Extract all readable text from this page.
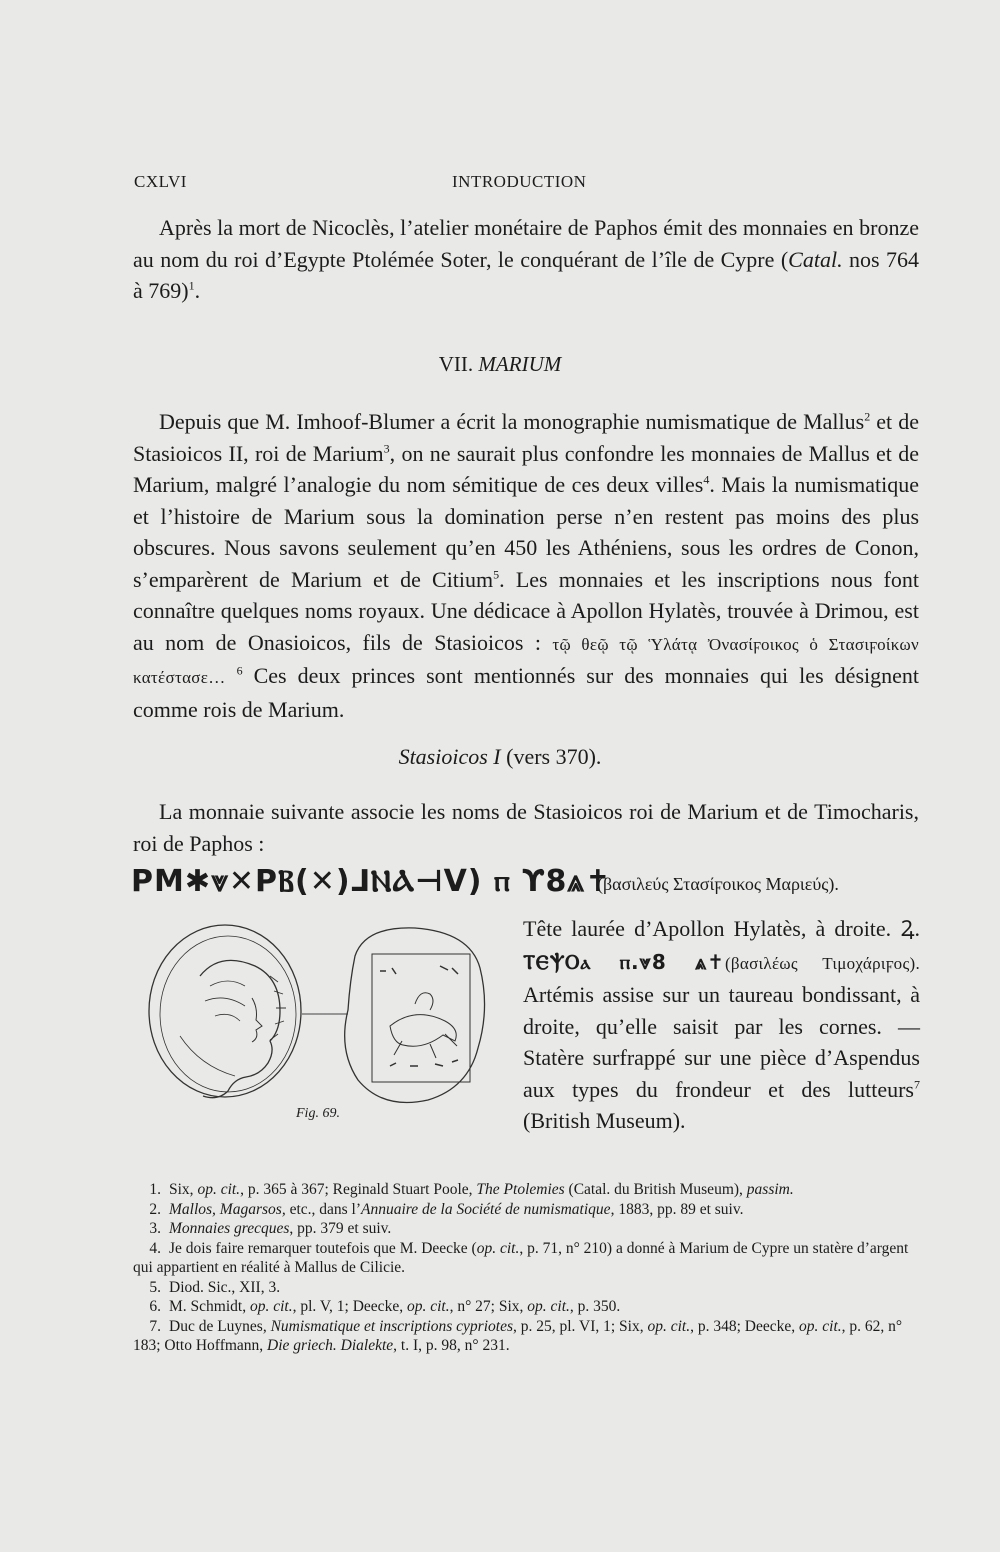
CXLVI	INTRODUCTION

Après la mort de Nicoclès, l’atelier monétaire de Paphos émit des monnaies en bronze au nom du roi d’Egypte Ptolémée Soter, le conquérant de l’île de Cypre (Catal. nos 764 à 769)$^1$.

VII. MARIUM

Depuis que M. Imhoof-Blumer a écrit la monographie numismatique de Mallus$^2$ et de Stasioicos II, roi de Marium$^3$, on ne saurait plus confondre les monnaies de Mallus et de Marium, malgré l’analogie du nom sémitique de ces deux villes$^4$. Mais la numismatique et l’histoire de Marium sous la domination perse n’en restent pas moins des plus obscures. Nous savons seulement qu’en 450 les Athéniens, sous les ordres de Conon, s’emparèrent de Marium et de Citium$^5$. Les monnaies et les inscriptions nous font connaître quelques noms royaux. Une dédicace à Apollon Hylatès, trouvée à Drimou, est au nom de Onasioicos, fils de Stasioicos : τῷ θεῷ τῷ Ὑλάτᾳ Ὀνασίϝοικος ὁ Στασιϝοίκων κατέστασε… $^6$ Ces deux princes sont mentionnés sur des monnaies qui les désignent comme rois de Marium.

Stasioicos I (vers 370).

La monnaie suivante associe les noms de Stasioicos roi de Marium et de Timocharis, roi de Paphos :

ΡΜ✱⩔✕ΡⲂ(✕)⅃ⲚⲀ⊣V) ⲡ ϒ8⩓✝
(βασιλεύς Στασίϝοικος Μαριεύς).
Fig. 69.

Tête laurée d’Apollon Hylatès, à droite. Ꝝ. ⲦⲈⲮⲞⲁ ⲡ.⩔8 ⩓✝(βασιλέως Τιμοχάριϝος). Artémis assise sur un taureau bondissant, à droite, qu’elle saisit par les cornes. — Statère surfrappé sur une pièce d’Aspendus aux types du frondeur et des lutteurs$^7$ (British Museum).

1. Six, op. cit., p. 365 à 367; Reginald Stuart Poole, The Ptolemies (Catal. du British Museum), passim.

2. Mallos, Magarsos, etc., dans l’Annuaire de la Société de numismatique, 1883, pp. 89 et suiv.

3. Monnaies grecques, pp. 379 et suiv.

4. Je dois faire remarquer toutefois que M. Deecke (op. cit., p. 71, n° 210) a donné à Marium de Cypre un statère d’argent qui appartient en réalité à Mallus de Cilicie.

5. Diod. Sic., XII, 3.

6. M. Schmidt, op. cit., pl. V, 1; Deecke, op. cit., n° 27; Six, op. cit., p. 350.

7. Duc de Luynes, Numismatique et inscriptions cypriotes, p. 25, pl. VI, 1; Six, op. cit., p. 348; Deecke, op. cit., p. 62, n° 183; Otto Hoffmann, Die griech. Dialekte, t. I, p. 98, n° 231.
